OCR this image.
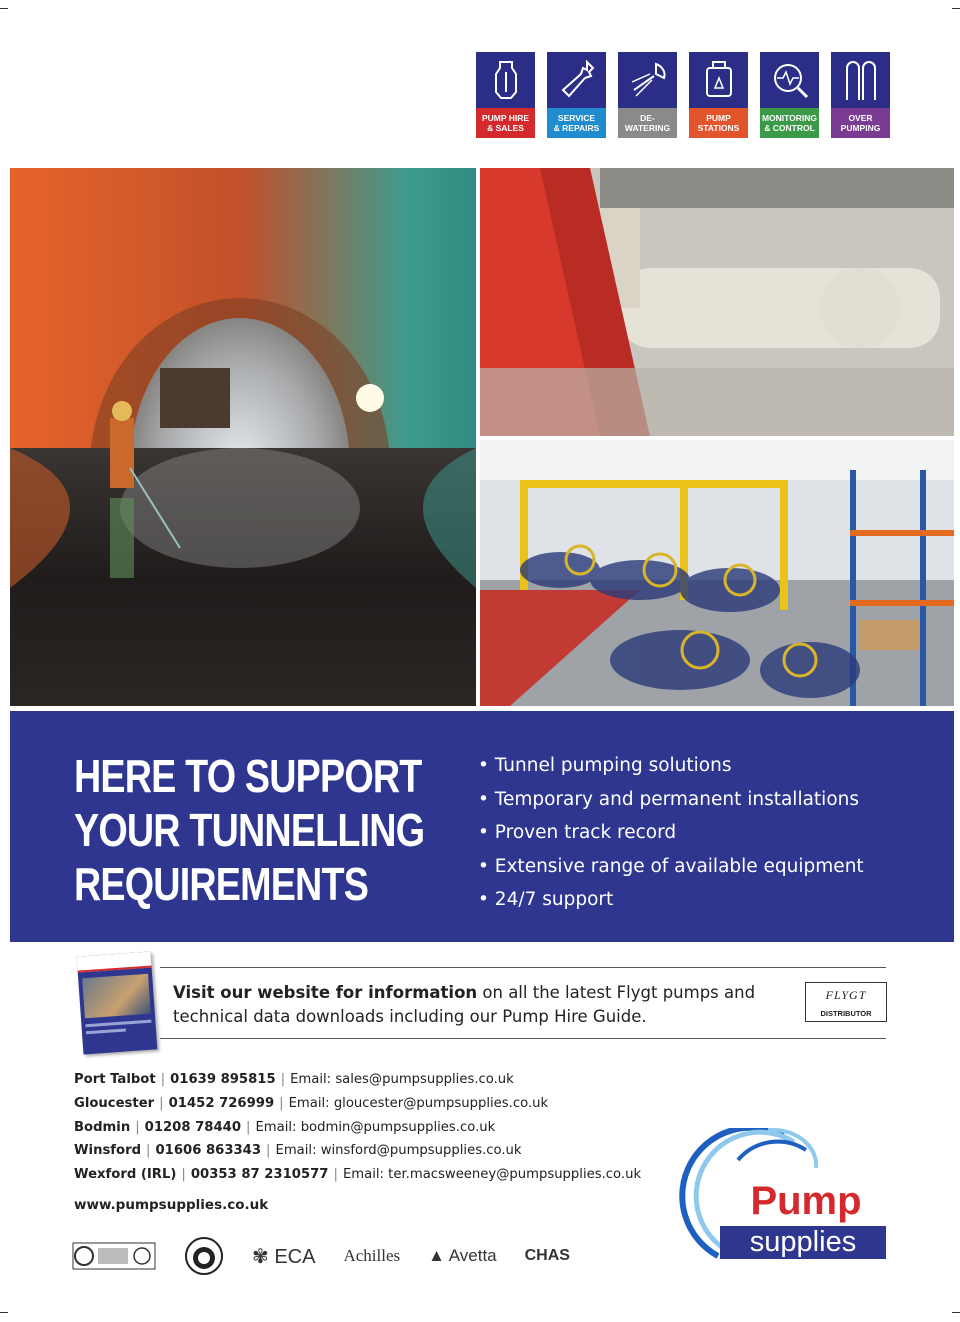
PUMP HIRE
& SALES
SERVICE
& REPAIRS
DE-
WATERING
PUMP
STATIONS
MONITORING
& CONTROL
OVER
PUMPING
HERE TO SUPPORT
YOUR TUNNELLING
REQUIREMENTS
• Tunnel pumping solutions
• Temporary and permanent installations
• Proven track record
• Extensive range of available equipment
• 24/7 support
Visit our website for information on all the latest Flygt pumps and technical data downloads including our Pump Hire Guide.
FLYGT
DISTRIBUTOR
Port Talbot | 01639 895815 | Email: sales@pumpsupplies.co.uk
Gloucester | 01452 726999 | Email: gloucester@pumpsupplies.co.uk
Bodmin | 01208 78440 | Email: bodmin@pumpsupplies.co.uk
Winsford | 01606 863343 | Email: winsford@pumpsupplies.co.uk
Wexford (IRL) | 00353 87 2310577 | Email: ter.macsweeney@pumpsupplies.co.uk
www.pumpsupplies.co.uk
✾ ECA Achilles ▲ Avetta CHAS
Pump
supplies
